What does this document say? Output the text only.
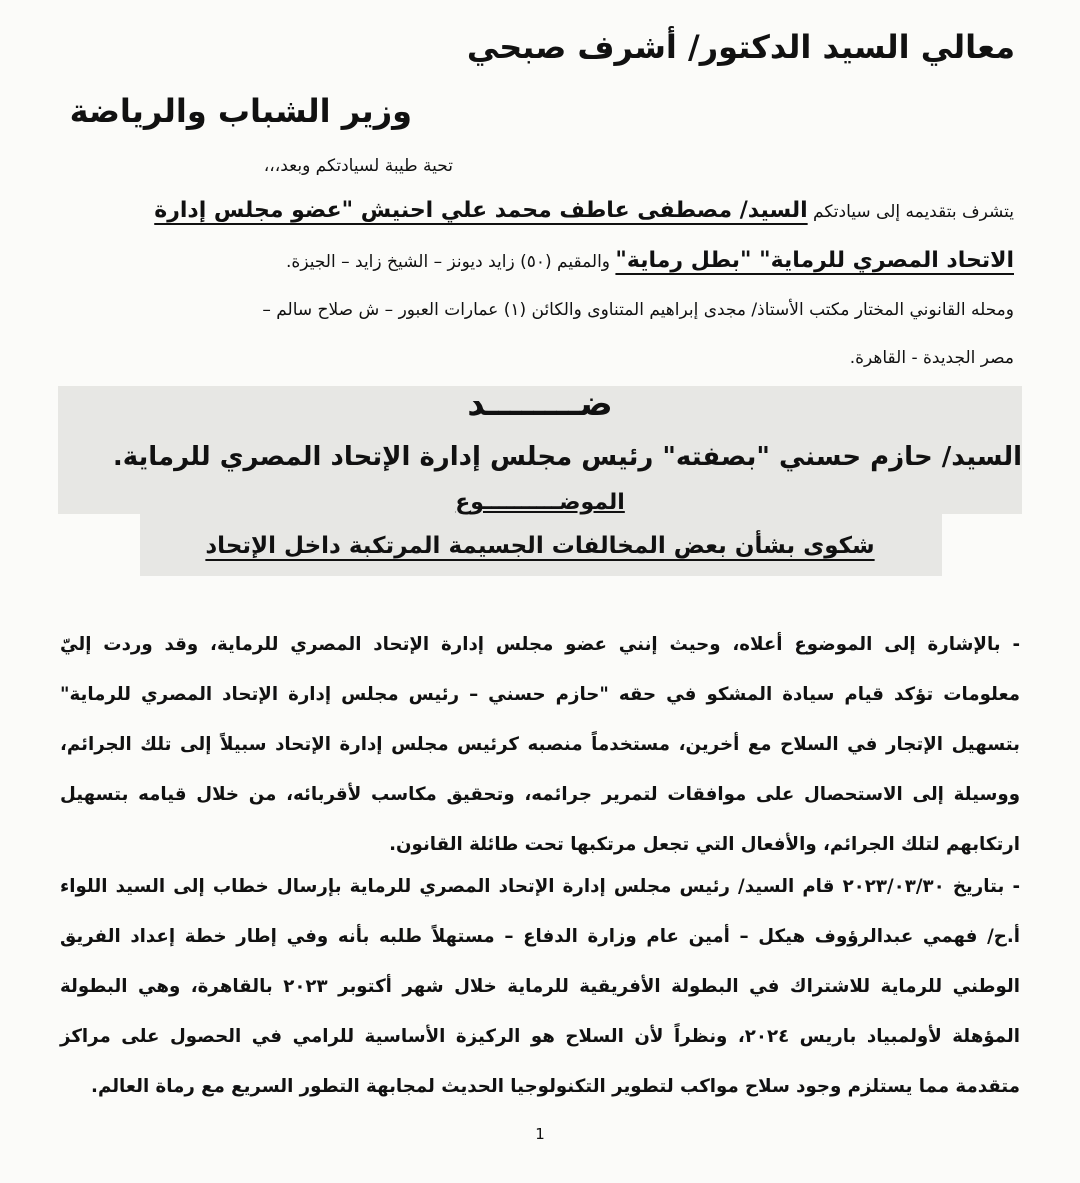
معالي السيد الدكتور/ أشرف صبحي
وزير الشباب والرياضة
تحية طيبة لسيادتكم وبعد،،،
يتشرف بتقديمه إلى سيادتكم السيد/ مصطفى عاطف محمد علي احنيش "عضو مجلس إدارة
الاتحاد المصري للرماية" "بطل رماية" والمقيم (٥٠) زايد ديونز – الشيخ زايد – الجيزة.
ومحله القانوني المختار مكتب الأستاذ/ مجدى إبراهيم المتناوى والكائن (١) عمارات العبور – ش صلاح سالم –
مصر الجديدة - القاهرة.
ضــــــــد
السيد/ حازم حسني "بصفته" رئيس مجلس إدارة الإتحاد المصري للرماية.
الموضــــــــــوع
شكوى بشأن بعض المخالفات الجسيمة المرتكبة داخل الإتحاد
- بالإشارة إلى الموضوع أعلاه، وحيث إنني عضو مجلس إدارة الإتحاد المصري للرماية، وقد وردت إليّ معلومات تؤكد قيام سيادة المشكو في حقه "حازم حسني – رئيس مجلس إدارة الإتحاد المصري للرماية" بتسهيل الإتجار في السلاح مع أخرين، مستخدماً منصبه كرئيس مجلس إدارة الإتحاد سبيلاً إلى تلك الجرائم، ووسيلة إلى الاستحصال على موافقات لتمرير جرائمه، وتحقيق مكاسب لأقربائه، من خلال قيامه بتسهيل ارتكابهم لتلك الجرائم، والأفعال التي تجعل مرتكبها تحت طائلة القانون.
- بتاريخ ٢٠٢٣/٠٣/٣٠ قام السيد/ رئيس مجلس إدارة الإتحاد المصري للرماية بإرسال خطاب إلى السيد اللواء أ.ح/ فهمي عبدالرؤوف هيكل – أمين عام وزارة الدفاع – مستهلاً طلبه بأنه وفي إطار خطة إعداد الفريق الوطني للرماية للاشتراك في البطولة الأفريقية للرماية خلال شهر أكتوبر ٢٠٢٣ بالقاهرة، وهي البطولة المؤهلة لأولمبياد باريس ٢٠٢٤، ونظراً لأن السلاح هو الركيزة الأساسية للرامي في الحصول على مراكز متقدمة مما يستلزم وجود سلاح مواكب لتطوير التكنولوجيا الحديث لمجابهة التطور السريع مع رماة العالم.
1
